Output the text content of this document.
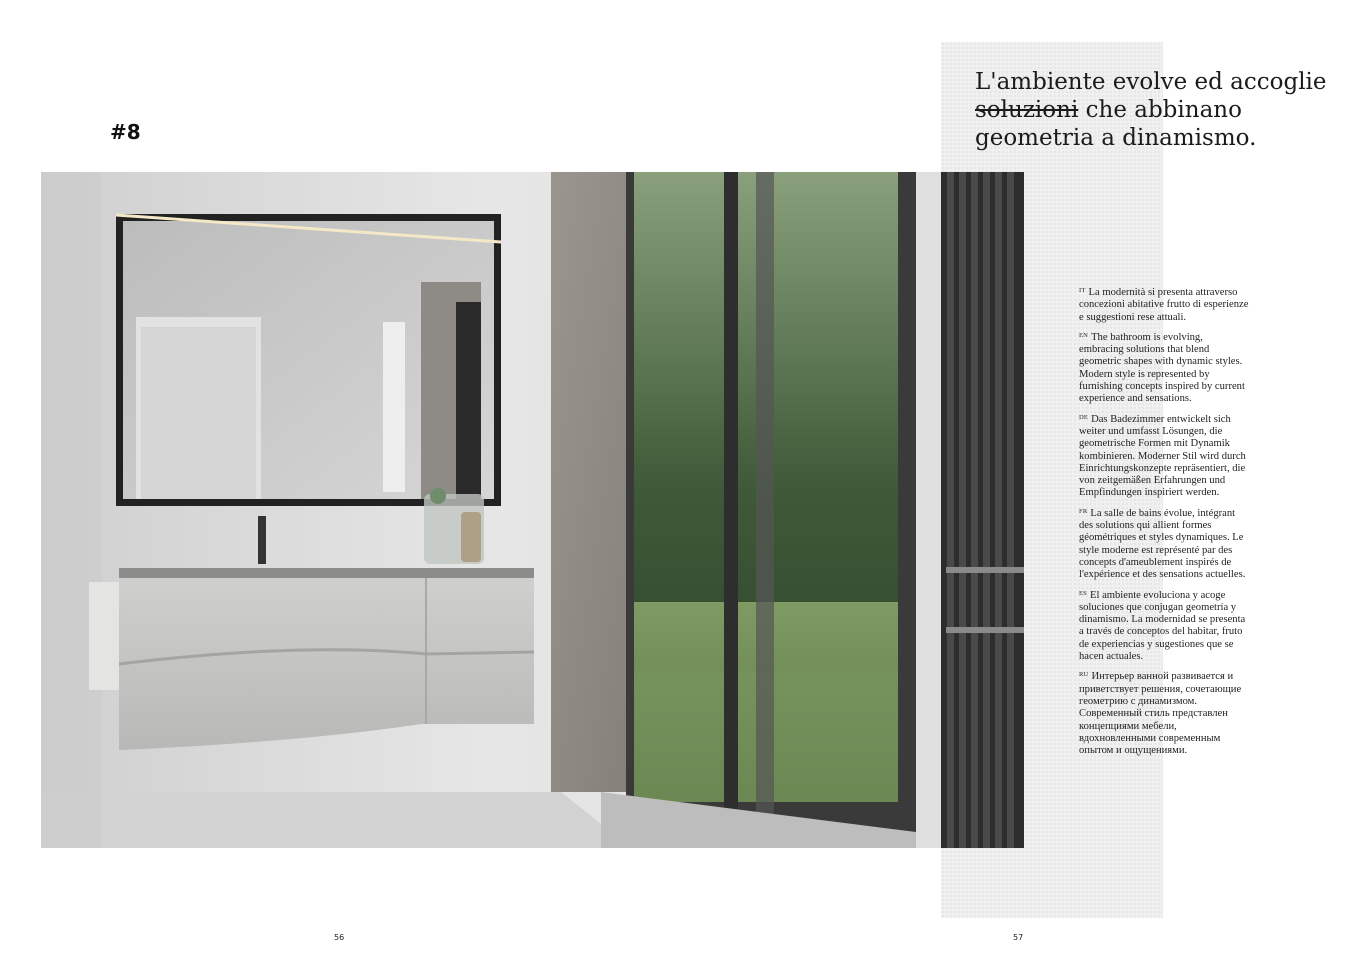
#8
L'ambiente evolve ed accoglie
soluzioni che abbinano
geometria a dinamismo.

$^{IT}$ La modernità si presenta attraverso concezioni abitative frutto di esperienze e suggestioni rese attuali.

$^{EN}$ The bathroom is evolving, embracing solutions that blend geometric shapes with dynamic styles. Modern style is represented by furnishing concepts inspired by current experience and sensations.

$^{DE}$ Das Badezimmer entwickelt sich weiter und umfasst Lösungen, die geometrische Formen mit Dynamik kombinieren. Moderner Stil wird durch Einrichtungskonzepte repräsentiert, die von zeitgemäßen Erfahrungen und Empfindungen inspiriert werden.

$^{FR}$ La salle de bains évolue, intégrant des solutions qui allient formes géométriques et styles dynamiques. Le style moderne est représenté par des concepts d'ameublement inspirés de l'expérience et des sensations actuelles.

$^{ES}$ El ambiente evoluciona y acoge soluciones que conjugan geometría y dinamismo. La modernidad se presenta a través de conceptos del habitar, fruto de experiencias y sugestiones que se hacen actuales.

$^{RU}$ Интерьер ванной развивается и приветствует решения, сочетающие геометрию с динамизмом. Современный стиль представлен концепциями мебели, вдохновленными современным опытом и ощущениями.

56	57
